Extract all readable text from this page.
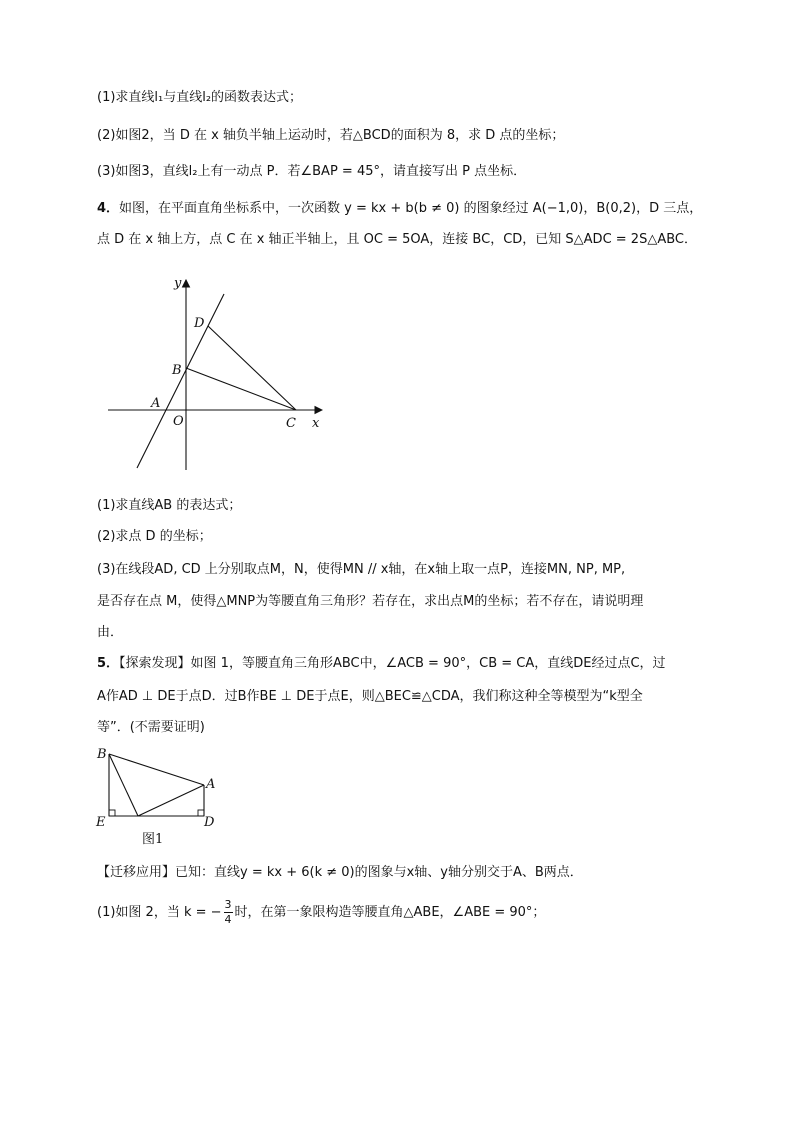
(1)求直线l₁与直线l₂的函数表达式；
(2)如图2，当 D 在 x 轴负半轴上运动时，若△BCD的面积为 8，求 D 点的坐标；
(3)如图3，直线l₂上有一动点 P．若∠BAP = 45°，请直接写出 P 点坐标．
4．如图，在平面直角坐标系中，一次函数 y = kx + b(b ≠ 0) 的图象经过 A(−1,0)，B(0,2)，D 三点，
点 D 在 x 轴上方，点 C 在 x 轴正半轴上，且 OC = 5OA，连接 BC，CD，已知 S△ADC = 2S△ABC．
y
x
D
B
A
O	C
(1)求直线AB 的表达式；
(2)求点 D 的坐标；
(3)在线段AD, CD 上分别取点M，N，使得MN // x轴，在x轴上取一点P，连接MN, NP, MP,
是否存在点 M，使得△MNP为等腰直角三角形？若存在，求出点M的坐标；若不存在，请说明理
由．
5．【探索发现】如图 1，等腰直角三角形ABC中，∠ACB = 90°，CB = CA，直线DE经过点C，过
A作AD ⊥ DE于点D．过B作BE ⊥ DE于点E，则△BEC≌△CDA，我们称这种全等模型为“k型全
等”．(不需要证明)
B
A
E	D
图1
【迁移应用】已知：直线y = kx + 6(k ≠ 0)的图象与x轴、y轴分别交于A、B两点．
(1)如图 2，当 k = − $\frac{3}{4}$ 时，在第一象限构造等腰直角△ABE，∠ABE = 90°；
